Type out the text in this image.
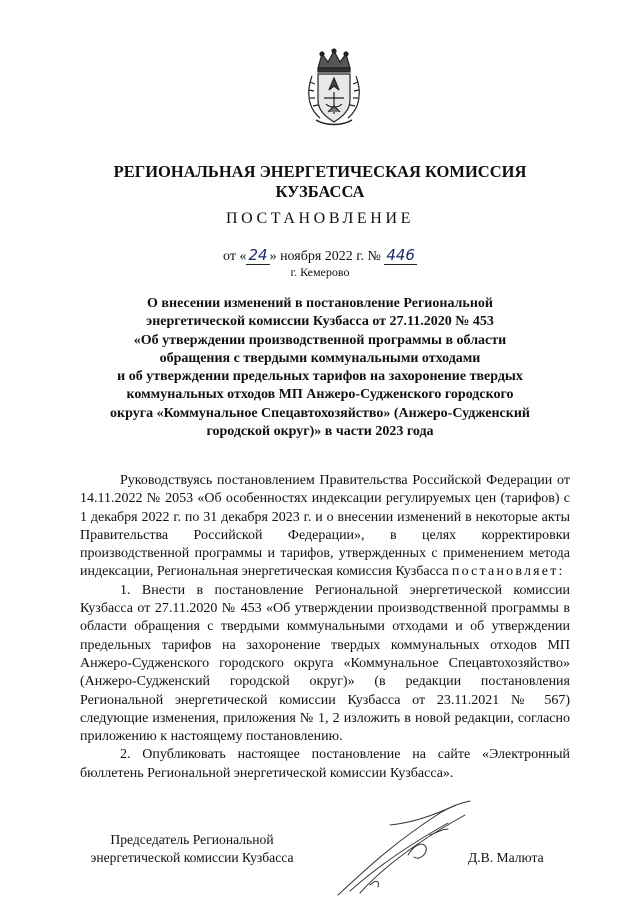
РЕГИОНАЛЬНАЯ ЭНЕРГЕТИЧЕСКАЯ КОМИССИЯ
КУЗБАССА
ПОСТАНОВЛЕНИЕ
от « 24 » ноября 2022 г. № 446
г. Кемерово
О внесении изменений в постановление Региональной
энергетической комиссии Кузбасса от 27.11.2020 № 453
«Об утверждении производственной программы в области
обращения с твердыми коммунальными отходами
и об утверждении предельных тарифов на захоронение твердых
коммунальных отходов МП Анжеро-Судженского городского
округа «Коммунальное Спецавтохозяйство» (Анжеро-Судженский
городской округ)» в части 2023 года

Руководствуясь постановлением Правительства Российской Федерации от 14.11.2022 № 2053 «Об особенностях индексации регулируемых цен (тарифов) с 1 декабря 2022 г. по 31 декабря 2023 г. и о внесении изменений в некоторые акты Правительства Российской Федерации», в целях корректировки производственной программы и тарифов, утвержденных с применением метода индексации, Региональная энергетическая комиссия Кузбасса постановляет:

1. Внести в постановление Региональной энергетической комиссии Кузбасса от 27.11.2020 № 453 «Об утверждении производственной программы в области обращения с твердыми коммунальными отходами и об утверждении предельных тарифов на захоронение твердых коммунальных отходов МП Анжеро-Судженского городского округа «Коммунальное Спецавтохозяйство» (Анжеро-Судженский городской округ)» (в редакции постановления Региональной энергетической комиссии Кузбасса от 23.11.2021 № 567) следующие изменения, приложения № 1, 2 изложить в новой редакции, согласно приложению к настоящему постановлению.

2. Опубликовать настоящее постановление на сайте «Электронный бюллетень Региональной энергетической комиссии Кузбасса».

Председатель Региональной
энергетической комиссии Кузбасса	Д.В. Малюта
